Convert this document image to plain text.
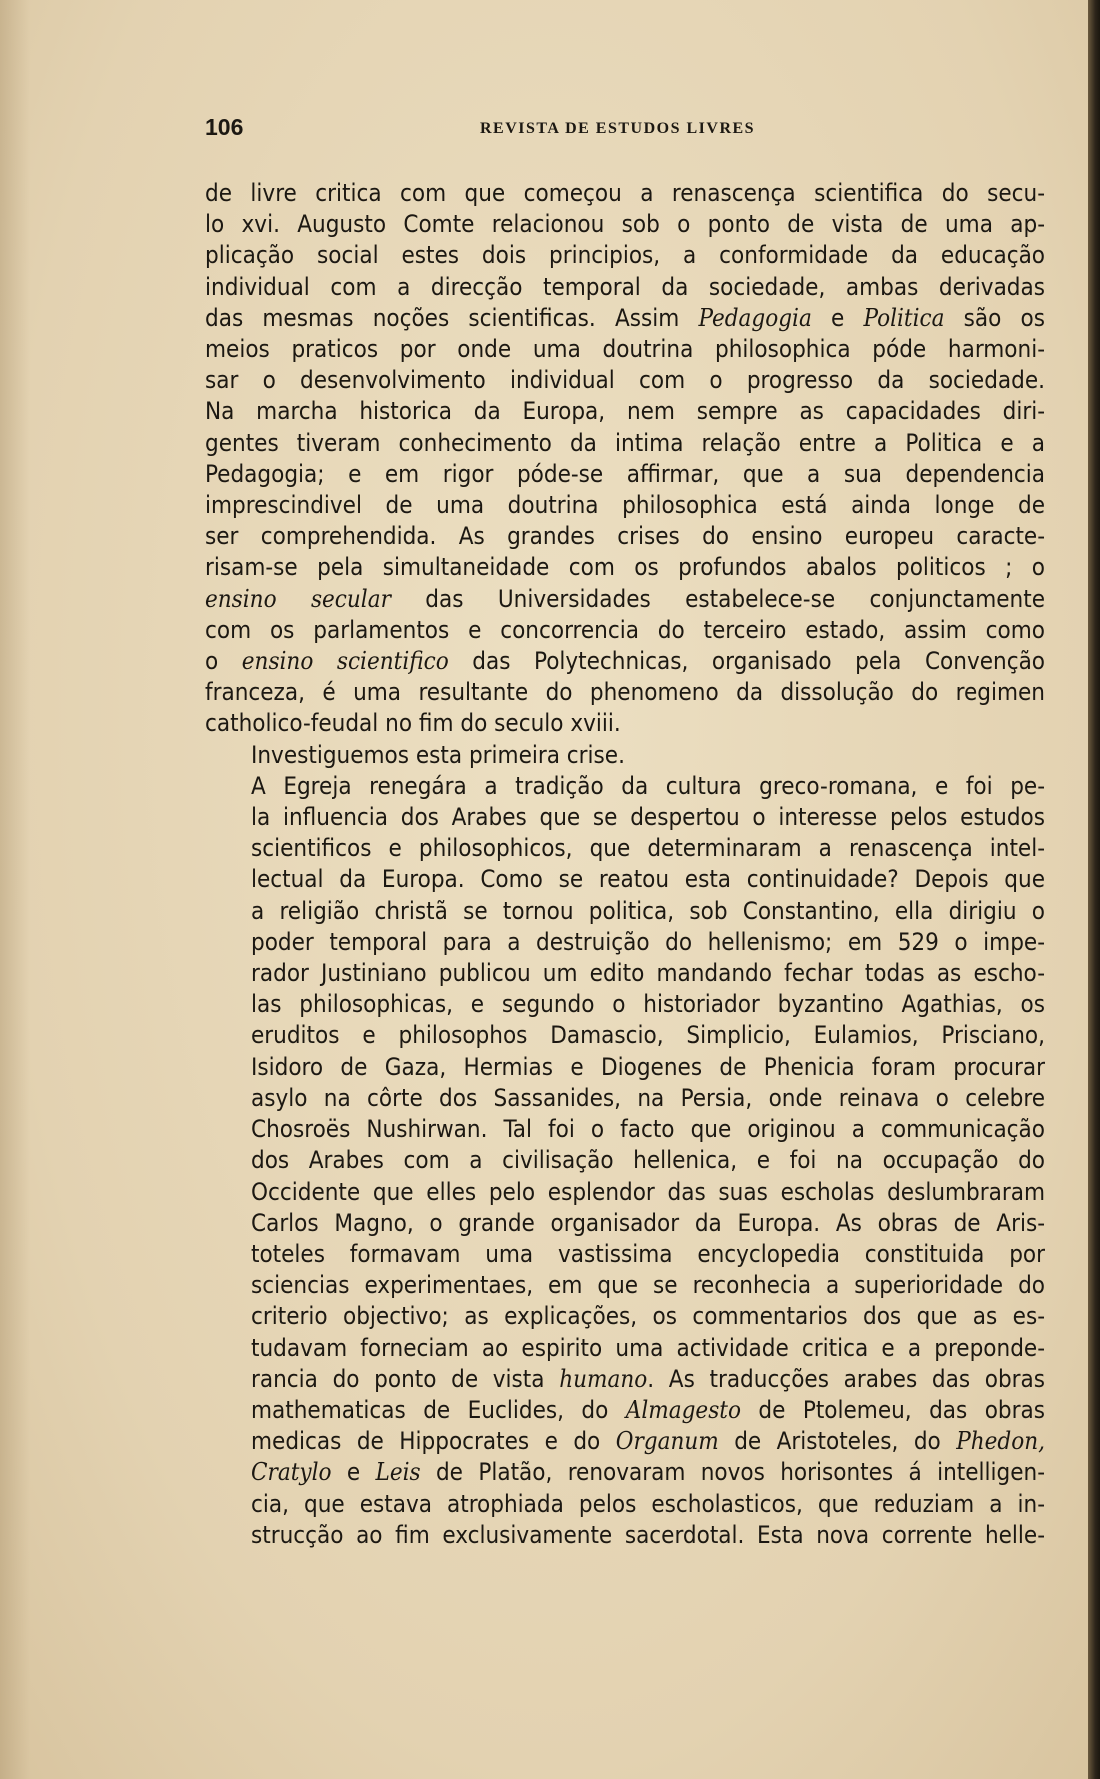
106	REVISTA DE ESTUDOS LIVRES

de livre critica com que começou a renascença scientifica do secu-
lo xvi. Augusto Comte relacionou sob o ponto de vista de uma ap-
plicação social estes dois principios, a conformidade da educação
individual com a direcção temporal da sociedade, ambas derivadas
das mesmas noções scientificas. Assim Pedagogia e Politica são os
meios praticos por onde uma doutrina philosophica póde harmoni-
sar o desenvolvimento individual com o progresso da sociedade.
Na marcha historica da Europa, nem sempre as capacidades diri-
gentes tiveram conhecimento da intima relação entre a Politica e a
Pedagogia; e em rigor póde-se affirmar, que a sua dependencia
imprescindivel de uma doutrina philosophica está ainda longe de
ser comprehendida. As grandes crises do ensino europeu caracte-
risam-se pela simultaneidade com os profundos abalos politicos ; o
ensino secular das Universidades estabelece-se conjunctamente
com os parlamentos e concorrencia do terceiro estado, assim como
o ensino scientifico das Polytechnicas, organisado pela Convenção
franceza, é uma resultante do phenomeno da dissolução do regimen
catholico-feudal no fim do seculo xviii.

Investiguemos esta primeira crise.

A Egreja renegára a tradição da cultura greco-romana, e foi pe-
la influencia dos Arabes que se despertou o interesse pelos estudos
scientificos e philosophicos, que determinaram a renascença intel-
lectual da Europa. Como se reatou esta continuidade? Depois que
a religião christã se tornou politica, sob Constantino, ella dirigiu o
poder temporal para a destruição do hellenismo; em 529 o impe-
rador Justiniano publicou um edito mandando fechar todas as escho-
las philosophicas, e segundo o historiador byzantino Agathias, os
eruditos e philosophos Damascio, Simplicio, Eulamios, Prisciano,
Isidoro de Gaza, Hermias e Diogenes de Phenicia foram procurar
asylo na côrte dos Sassanides, na Persia, onde reinava o celebre
Chosroës Nushirwan. Tal foi o facto que originou a communicação
dos Arabes com a civilisação hellenica, e foi na occupação do
Occidente que elles pelo esplendor das suas escholas deslumbraram
Carlos Magno, o grande organisador da Europa. As obras de Aris-
toteles formavam uma vastissima encyclopedia constituida por
sciencias experimentaes, em que se reconhecia a superioridade do
criterio objectivo; as explicações, os commentarios dos que as es-
tudavam forneciam ao espirito uma actividade critica e a preponde-
rancia do ponto de vista humano. As traducções arabes das obras
mathematicas de Euclides, do Almagesto de Ptolemeu, das obras
medicas de Hippocrates e do Organum de Aristoteles, do Phedon,
Cratylo e Leis de Platão, renovaram novos horisontes á intelligen-
cia, que estava atrophiada pelos escholasticos, que reduziam a in-
strucção ao fim exclusivamente sacerdotal. Esta nova corrente helle-
